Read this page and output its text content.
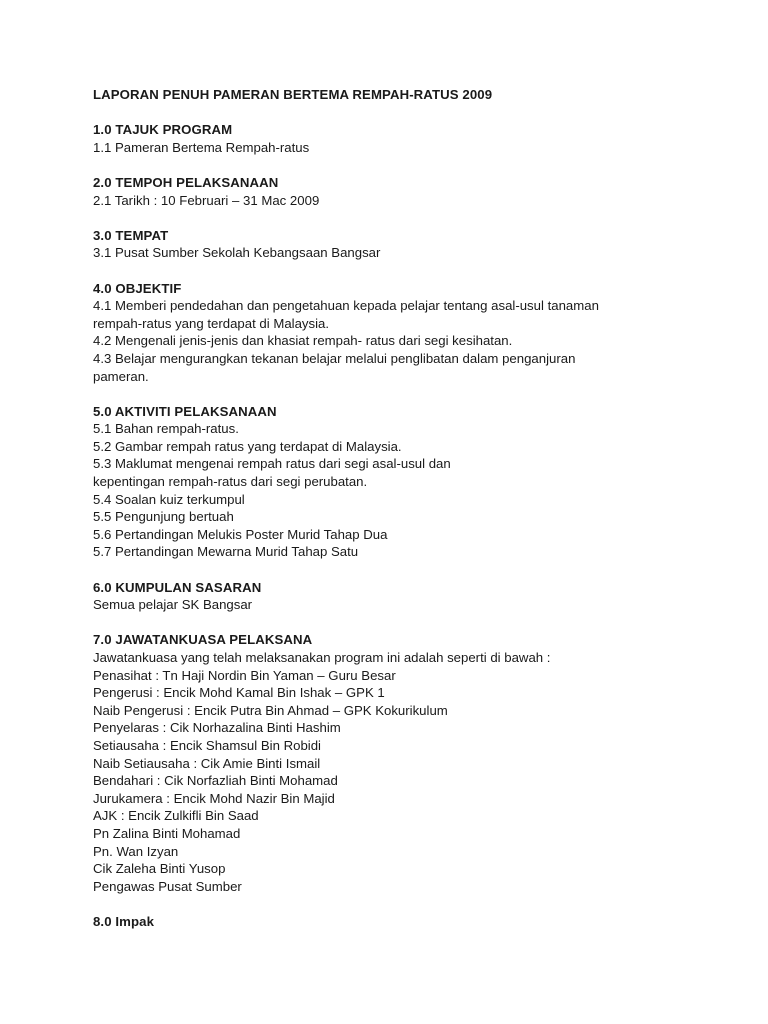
LAPORAN PENUH PAMERAN BERTEMA REMPAH-RATUS 2009
1.0 TAJUK PROGRAM
1.1 Pameran Bertema Rempah-ratus
2.0 TEMPOH PELAKSANAAN
2.1 Tarikh : 10 Februari – 31 Mac 2009
3.0 TEMPAT
3.1 Pusat Sumber Sekolah Kebangsaan Bangsar
4.0 OBJEKTIF
4.1 Memberi pendedahan dan pengetahuan kepada pelajar tentang asal-usul tanaman
rempah-ratus yang terdapat di Malaysia.
4.2 Mengenali jenis-jenis dan khasiat rempah- ratus dari segi kesihatan.
4.3 Belajar mengurangkan tekanan belajar melalui penglibatan dalam penganjuran
pameran.
5.0 AKTIVITI PELAKSANAAN
5.1 Bahan rempah-ratus.
5.2 Gambar rempah ratus yang terdapat di Malaysia.
5.3 Maklumat mengenai rempah ratus dari segi asal-usul dan
kepentingan rempah-ratus dari segi perubatan.
5.4 Soalan kuiz terkumpul
5.5 Pengunjung bertuah
5.6 Pertandingan Melukis Poster Murid Tahap Dua
5.7 Pertandingan Mewarna Murid Tahap Satu
6.0 KUMPULAN SASARAN
Semua pelajar SK Bangsar
7.0 JAWATANKUASA PELAKSANA
Jawatankuasa yang telah melaksanakan program ini adalah seperti di bawah :
Penasihat : Tn Haji Nordin Bin Yaman – Guru Besar
Pengerusi : Encik Mohd Kamal Bin Ishak – GPK 1
Naib Pengerusi : Encik Putra Bin Ahmad – GPK Kokurikulum
Penyelaras : Cik Norhazalina Binti Hashim
Setiausaha : Encik Shamsul Bin Robidi
Naib Setiausaha : Cik Amie Binti Ismail
Bendahari : Cik Norfazliah Binti Mohamad
Jurukamera : Encik Mohd Nazir Bin Majid
AJK : Encik Zulkifli Bin Saad
Pn Zalina Binti Mohamad
Pn. Wan Izyan
Cik Zaleha Binti Yusop
Pengawas Pusat Sumber
8.0 Impak
